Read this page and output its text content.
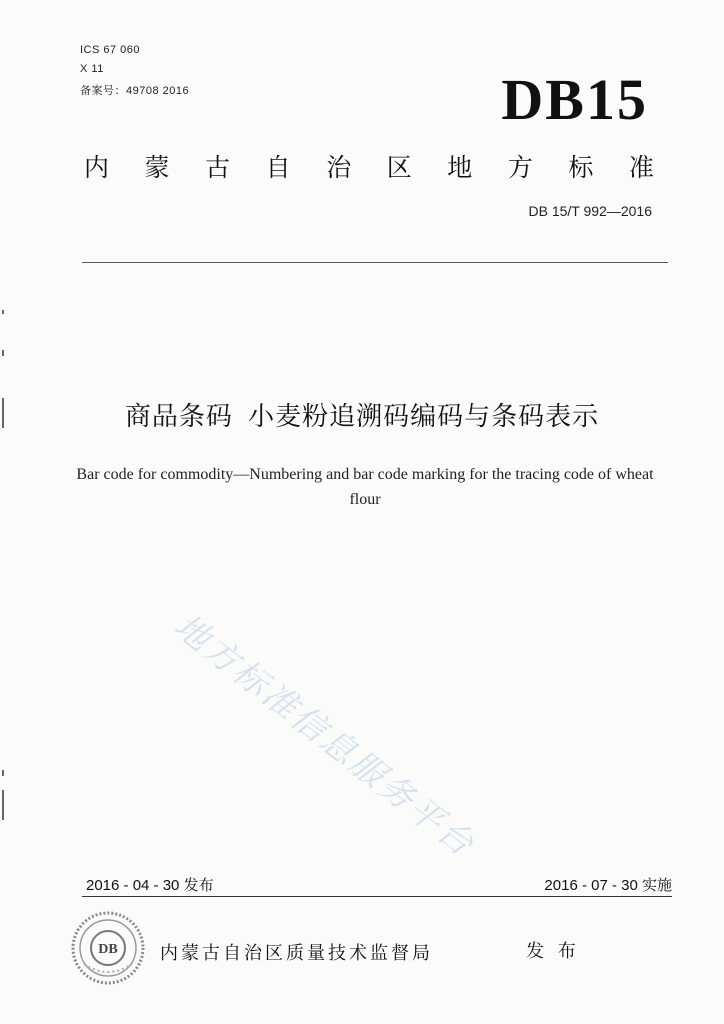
ICS 67 060
X 11
备案号：49708 2016	DB15
内 蒙 古 自 治 区 地 方 标 准
DB 15/T 992—2016
商品条码 小麦粉追溯码编码与条码表示
Bar code for commodity—Numbering and bar code marking for the tracing code of wheat flour
地方标准信息服务平台
2016 - 04 - 30 发布	2016 - 07 - 30 实施
DB 内蒙古自治区质量技术监督局	发 布
